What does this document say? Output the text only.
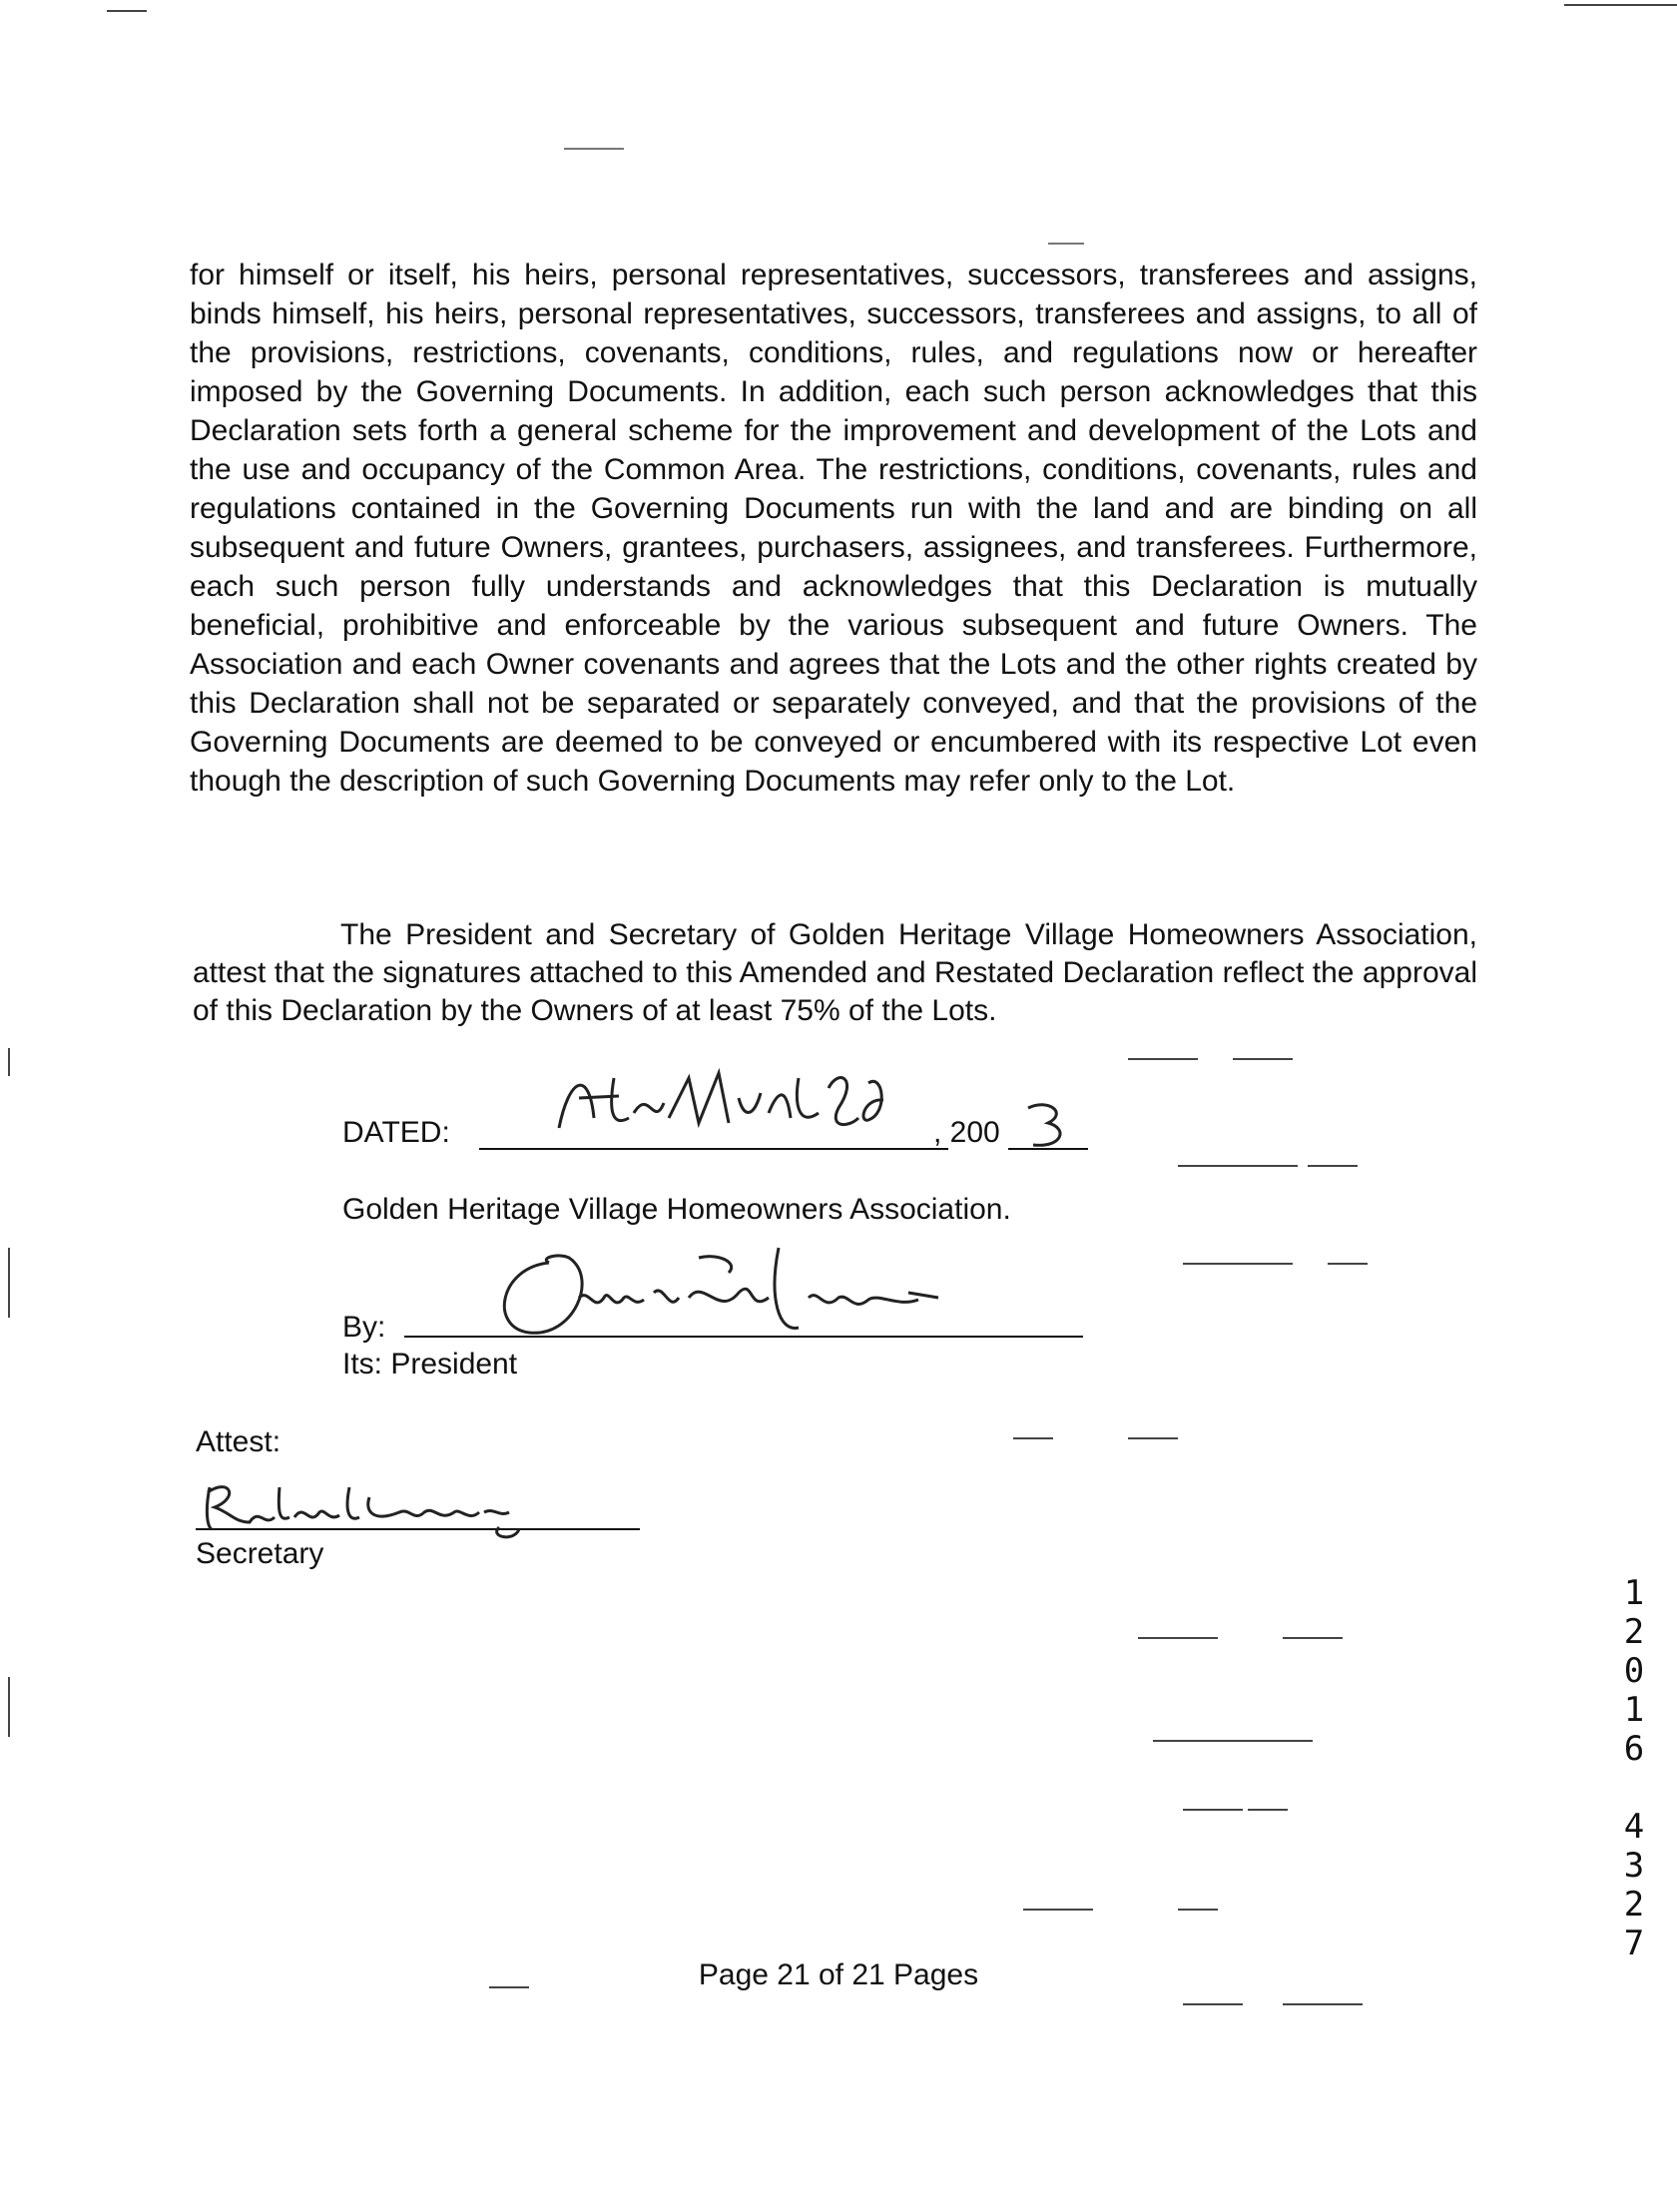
for himself or itself, his heirs, personal representatives, successors, transferees and assigns, binds himself, his heirs, personal representatives, successors, transferees and assigns, to all of the provisions, restrictions, covenants, conditions, rules, and regulations now or hereafter imposed by the Governing Documents. In addition, each such person acknowledges that this Declaration sets forth a general scheme for the improvement and development of the Lots and the use and occupancy of the Common Area. The restrictions, conditions, covenants, rules and regulations contained in the Governing Documents run with the land and are binding on all subsequent and future Owners, grantees, purchasers, assignees, and transferees. Furthermore, each such person fully understands and acknowledges that this Declaration is mutually beneficial, prohibitive and enforceable by the various subsequent and future Owners. The Association and each Owner covenants and agrees that the Lots and the other rights created by this Declaration shall not be separated or separately conveyed, and that the provisions of the Governing Documents are deemed to be conveyed or encumbered with its respective Lot even though the description of such Governing Documents may refer only to the Lot.

The President and Secretary of Golden Heritage Village Homeowners Association, attest that the signatures attached to this Amended and Restated Declaration reflect the approval of this Declaration by the Owners of at least 75% of the Lots.

DATED:	March 26	, 200
Golden Heritage Village Homeowners Association.
By:
Its: President
Attest:
Secretary
Page 21 of 21 Pages
1
2
0
1
6
4
3
2
7
